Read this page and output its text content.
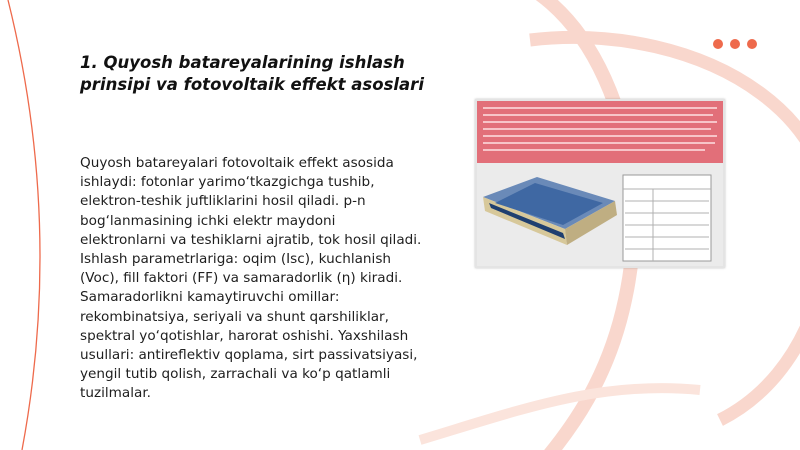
1. Quyosh batareyalarining ishlash prinsipi va fotovoltaik effekt asoslari

Quyosh batareyalari fotovoltaik effekt asosida ishlaydi: fotonlar yarimo‘tkazgichga tushib, elektron-teshik juftliklarini hosil qiladi. p-n bog‘lanmasining ichki elektr maydoni elektronlarni va teshiklarni ajratib, tok hosil qiladi. Ishlash parametrlariga: oqim (Isc), kuchlanish (Voc), fill faktori (FF) va samaradorlik (η) kiradi. Samaradorlikni kamaytiruvchi omillar: rekombinatsiya, seriyali va shunt qarshiliklar, spektral yo‘qotishlar, harorat oshishi. Yaxshilash usullari: antireflektiv qoplama, sirt passivatsiyasi, yengil tutib qolish, zarrachali va ko‘p qatlamli tuzilmalar.
